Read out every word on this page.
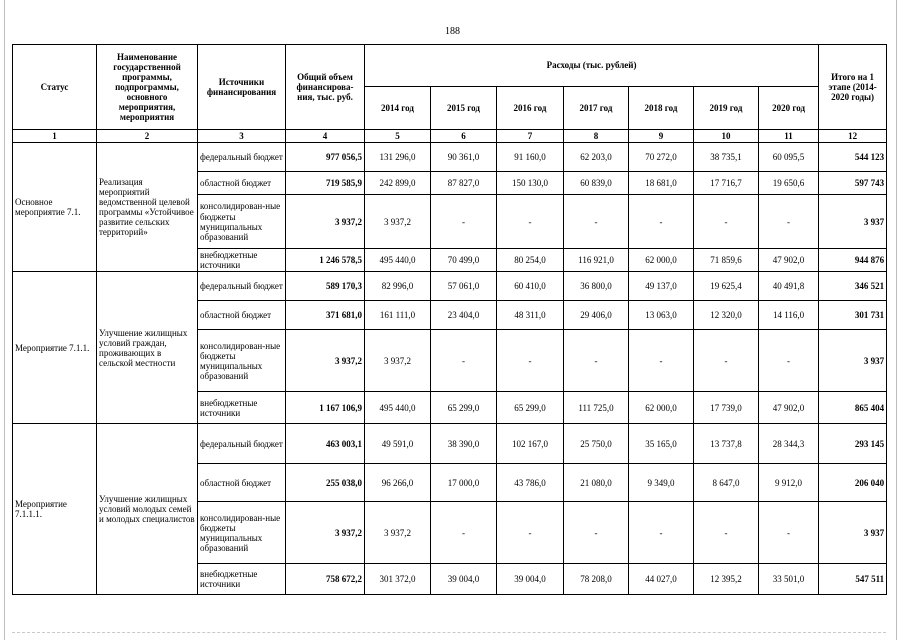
188
Статус	Наименование государственной программы, подпрограммы, основного мероприятия, мероприятия	Источники финансирования	Общий объем финансирова-ния, тыс. руб.	Расходы (тыс. рублей)							Итого на 1 этапе (2014-2020 годы)
				2014 год	2015 год	2016 год	2017 год	2018 год	2019 год	2020 год	
1	2	3	4	5	6	7	8	9	10	11	12
Основное мероприятие 7.1.	Реализация мероприятий ведомственной целевой программы «Устойчивое развитие сельских территорий»	федеральный бюджет	977 056,5	131 296,0	90 361,0	91 160,0	62 203,0	70 272,0	38 735,1	60 095,5	544 123
		областной бюджет	719 585,9	242 899,0	87 827,0	150 130,0	60 839,0	18 681,0	17 716,7	19 650,6	597 743
		консолидирован-ные бюджеты муниципальных образований	3 937,2	3 937,2	-	-	-	-	-	-	3 937
		внебюджетные источники	1 246 578,5	495 440,0	70 499,0	80 254,0	116 921,0	62 000,0	71 859,6	47 902,0	944 876
Мероприятие 7.1.1.	Улучшение жилищных условий граждан, проживающих в сельской местности	федеральный бюджет	589 170,3	82 996,0	57 061,0	60 410,0	36 800,0	49 137,0	19 625,4	40 491,8	346 521
		областной бюджет	371 681,0	161 111,0	23 404,0	48 311,0	29 406,0	13 063,0	12 320,0	14 116,0	301 731
		консолидирован-ные бюджеты муниципальных образований	3 937,2	3 937,2	-	-	-	-	-	-	3 937
		внебюджетные источники	1 167 106,9	495 440,0	65 299,0	65 299,0	111 725,0	62 000,0	17 739,0	47 902,0	865 404
Мероприятие 7.1.1.1.	Улучшение жилищных условий молодых семей и молодых специалистов	федеральный бюджет	463 003,1	49 591,0	38 390,0	102 167,0	25 750,0	35 165,0	13 737,8	28 344,3	293 145
		областной бюджет	255 038,0	96 266,0	17 000,0	43 786,0	21 080,0	9 349,0	8 647,0	9 912,0	206 040
		консолидирован-ные бюджеты муниципальных образований	3 937,2	3 937,2	-	-	-	-	-	-	3 937
		внебюджетные источники	758 672,2	301 372,0	39 004,0	39 004,0	78 208,0	44 027,0	12 395,2	33 501,0	547 511
